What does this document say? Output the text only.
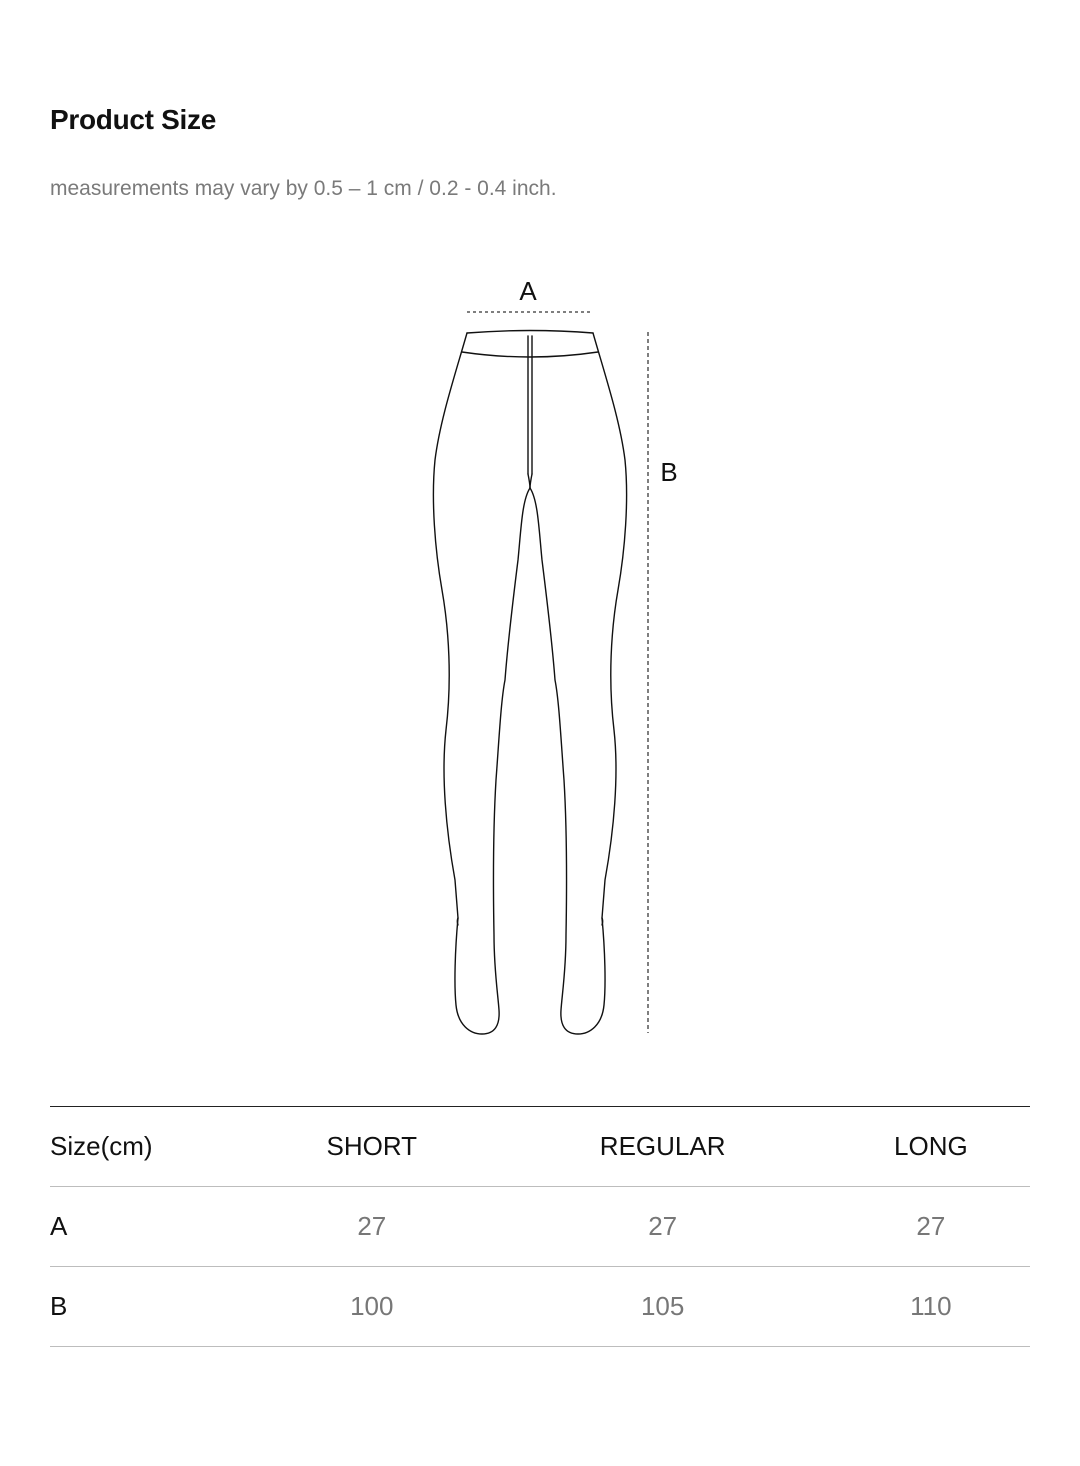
Product Size

measurements may vary by 0.5 – 1 cm / 0.2 - 0.4 inch.

A
B
Size(cm)	SHORT	REGULAR	LONG
A	27	27	27
B	100	105	110
